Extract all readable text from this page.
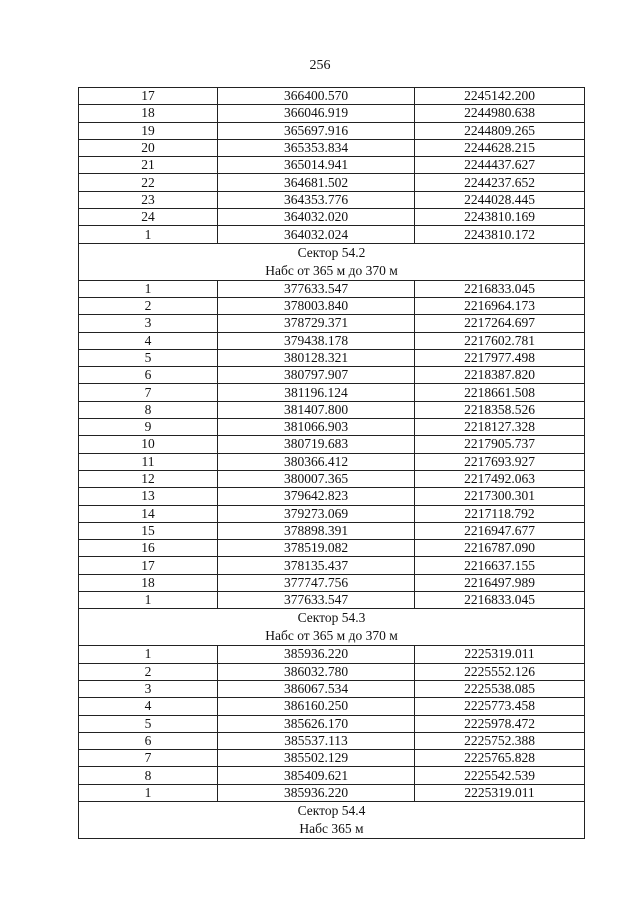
256
17	366400.570	2245142.200
18	366046.919	2244980.638
19	365697.916	2244809.265
20	365353.834	2244628.215
21	365014.941	2244437.627
22	364681.502	2244237.652
23	364353.776	2244028.445
24	364032.020	2243810.169
1	364032.024	2243810.172

Сектор 54.2
Набс от 365 м до 370 м		

1	377633.547	2216833.045
2	378003.840	2216964.173
3	378729.371	2217264.697
4	379438.178	2217602.781
5	380128.321	2217977.498
6	380797.907	2218387.820
7	381196.124	2218661.508
8	381407.800	2218358.526
9	381066.903	2218127.328
10	380719.683	2217905.737
11	380366.412	2217693.927
12	380007.365	2217492.063
13	379642.823	2217300.301
14	379273.069	2217118.792
15	378898.391	2216947.677
16	378519.082	2216787.090
17	378135.437	2216637.155
18	377747.756	2216497.989
1	377633.547	2216833.045

Сектор 54.3
Набс от 365 м до 370 м		

1	385936.220	2225319.011
2	386032.780	2225552.126
3	386067.534	2225538.085
4	386160.250	2225773.458
5	385626.170	2225978.472
6	385537.113	2225752.388
7	385502.129	2225765.828
8	385409.621	2225542.539
1	385936.220	2225319.011

Сектор 54.4
Набс 365 м		
